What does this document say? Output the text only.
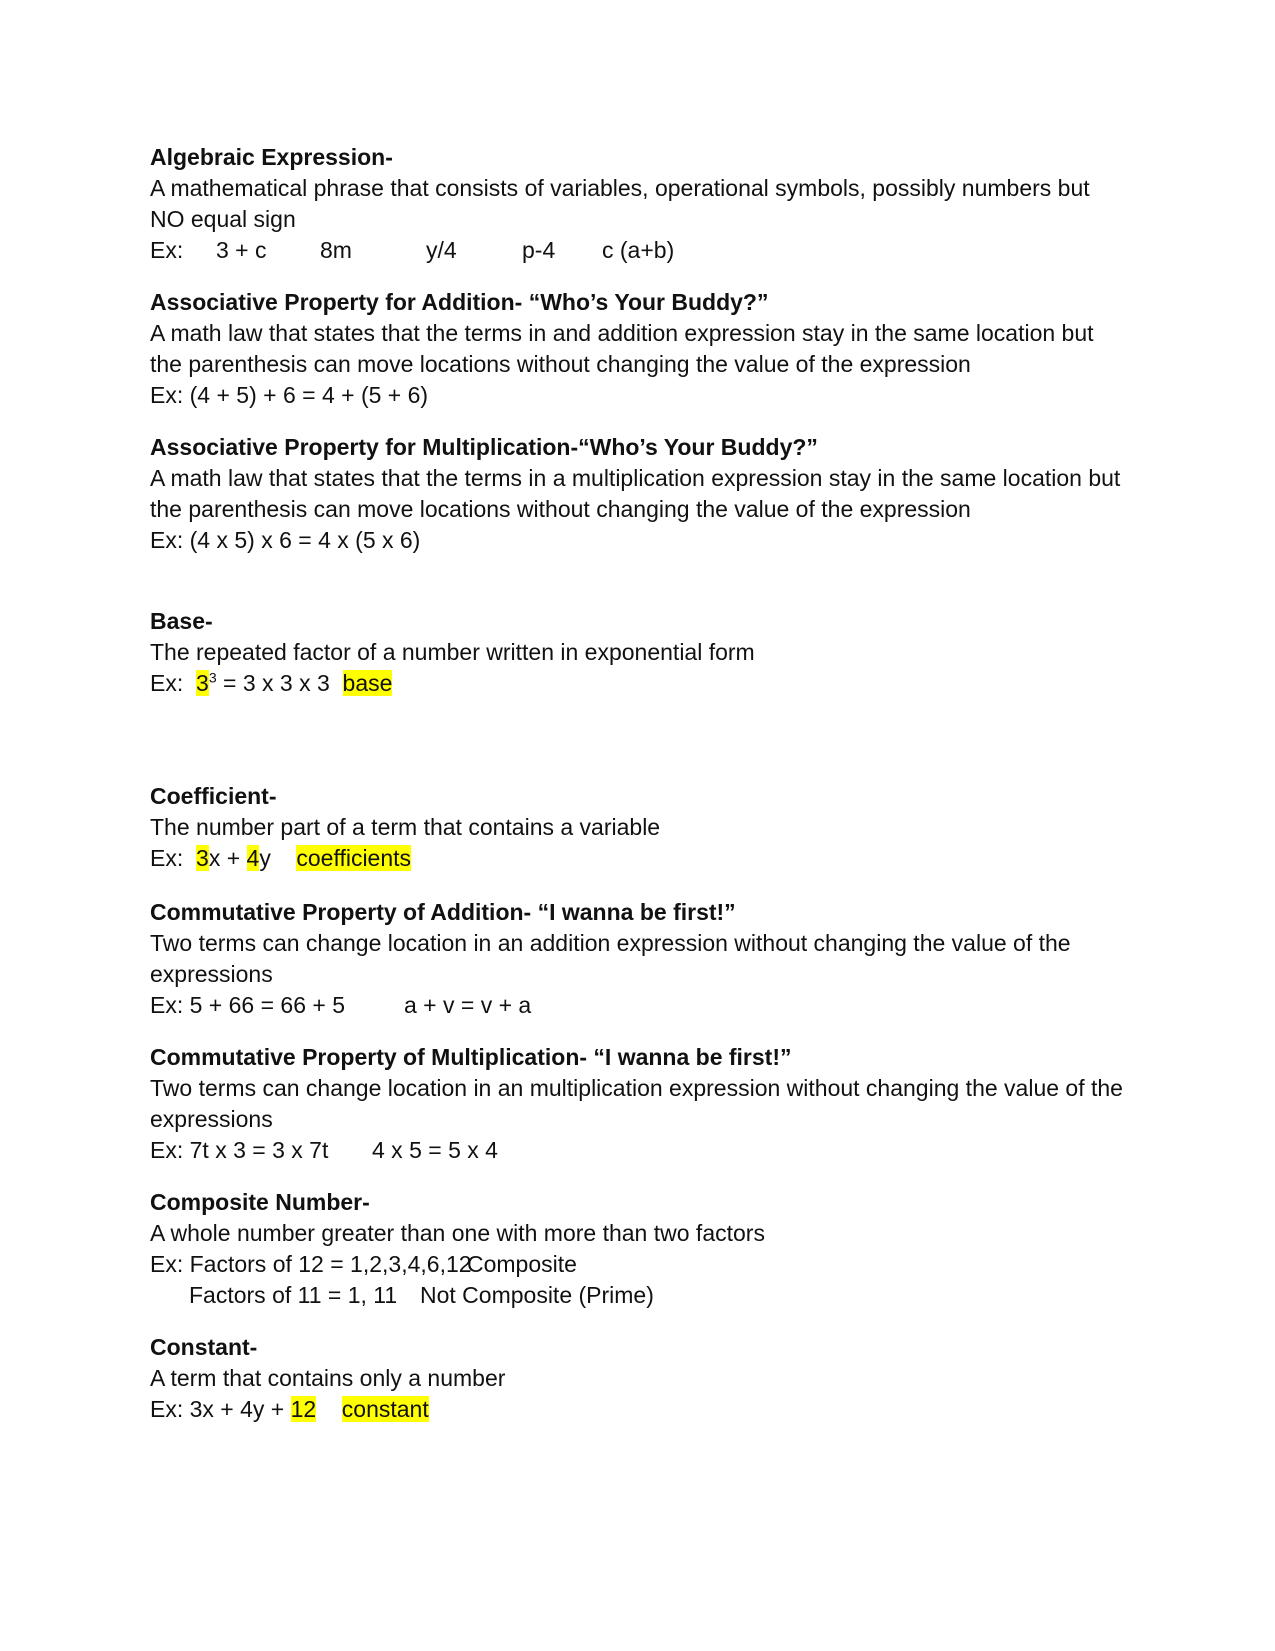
Algebraic Expression-
A mathematical phrase that consists of variables, operational symbols, possibly numbers but NO equal sign
Ex: 3 + c 8m	y/4	p-4 c (a+b)
Associative Property for Addition- “Who’s Your Buddy?”
A math law that states that the terms in and addition expression stay in the same location but the parenthesis can move locations without changing the value of the expression
Ex: (4 + 5) + 6 = 4 + (5 + 6)
Associative Property for Multiplication-“Who’s Your Buddy?”
A math law that states that the terms in a multiplication expression stay in the same location but the parenthesis can move locations without changing the value of the expression
Ex: (4 x 5) x 6 = 4 x (5 x 6)
Base-
The repeated factor of a number written in exponential form
Ex: $3^3 = 3$ x 3 x 3 base
Coefficient-
The number part of a term that contains a variable
Ex: 3x + 4y coefficients
Commutative Property of Addition- “I wanna be first!”
Two terms can change location in an addition expression without changing the value of the expressions
Ex: 5 + 66 = 66 + 5	a + v = v + a
Commutative Property of Multiplication- “I wanna be first!”
Two terms can change location in an multiplication expression without changing the value of the expressions
Ex: 7t x 3 = 3 x 7t 4 x 5 = 5 x 4
Composite Number-
A whole number greater than one with more than two factors
Ex: Factors of 12 = 1,2,3,4,6,12
Composite
Factors of 11 = 1, 11 Not Composite (Prime)
Constant-
A term that contains only a number
Ex: 3x + 4y + 12 constant
